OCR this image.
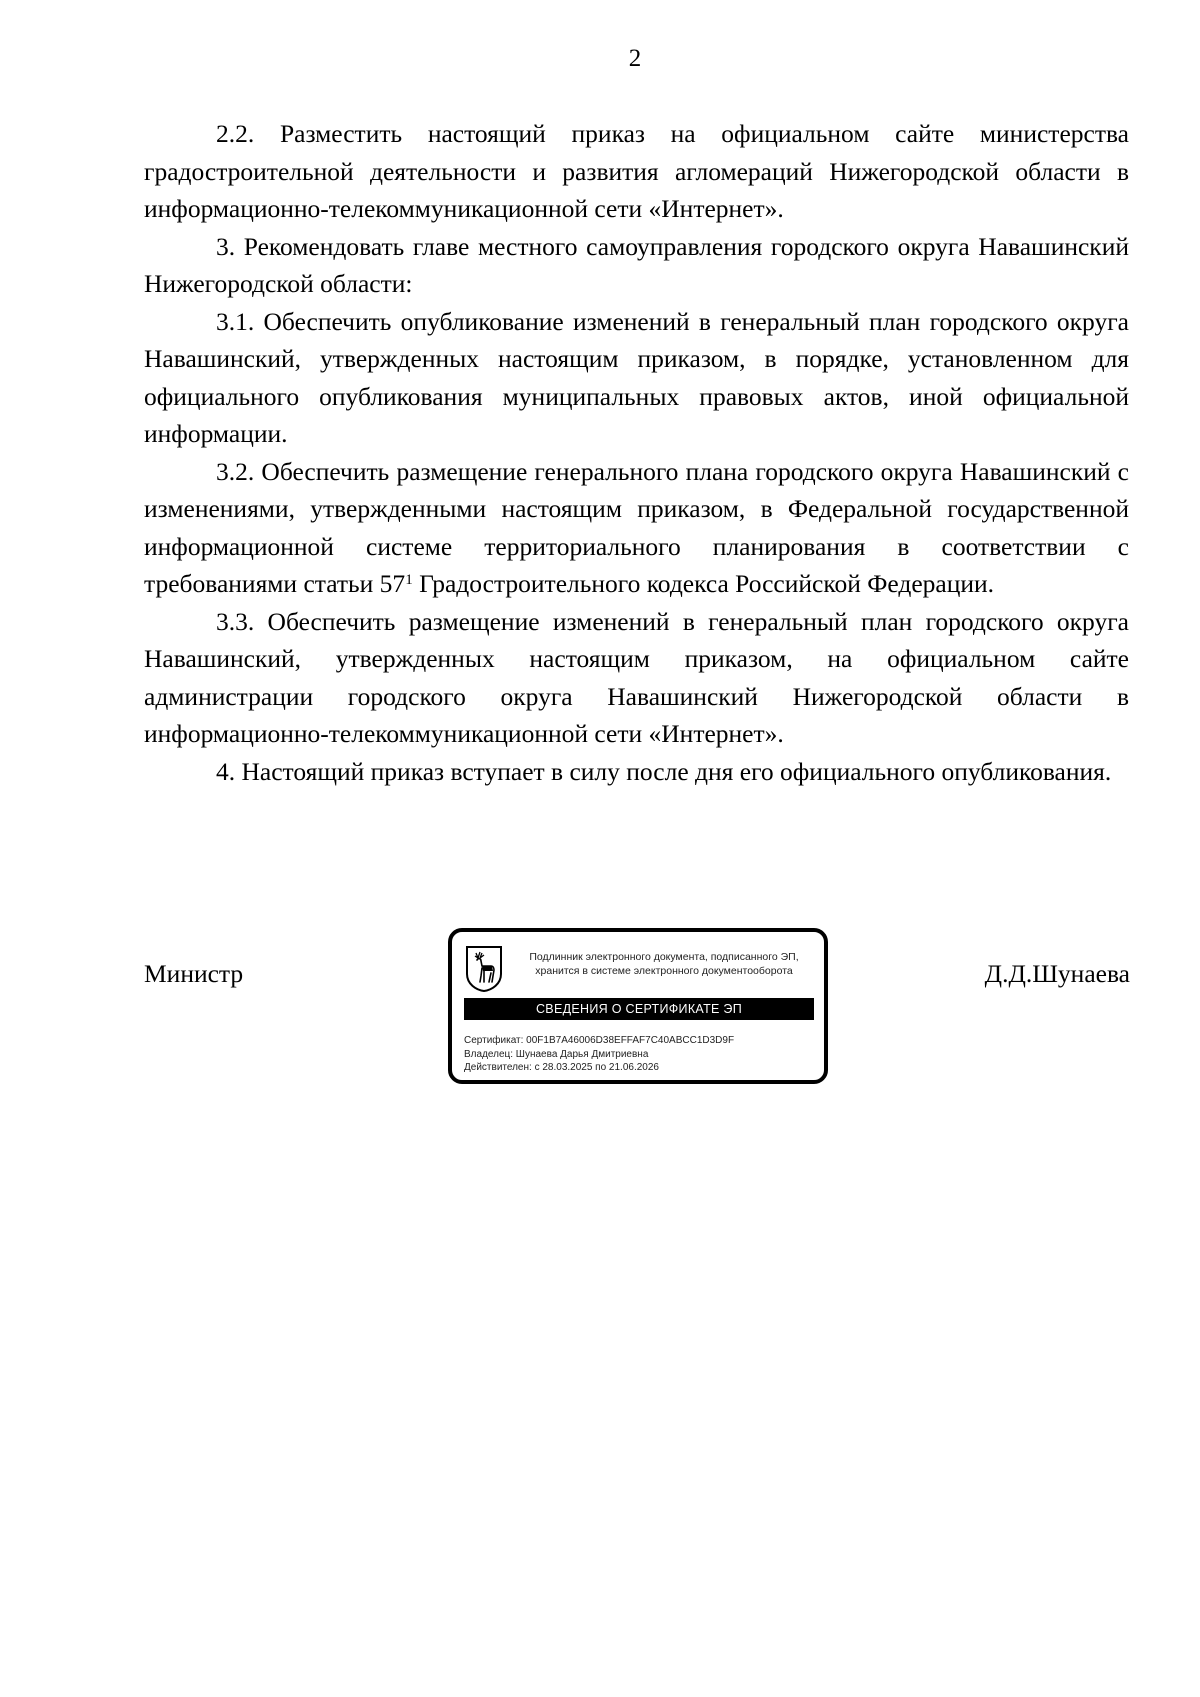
2

2.2. Разместить настоящий приказ на официальном сайте министерства градостроительной деятельности и развития агломераций Нижегородской области в информационно-телекоммуникационной сети «Интернет».

3. Рекомендовать главе местного самоуправления городского округа Навашинский Нижегородской области:

3.1. Обеспечить опубликование изменений в генеральный план городского округа Навашинский, утвержденных настоящим приказом, в порядке, установленном для официального опубликования муниципальных правовых актов, иной официальной информации.

3.2. Обеспечить размещение генерального плана городского округа Навашинский с изменениями, утвержденными настоящим приказом, в Федеральной государственной информационной системе территориального планирования в соответствии с требованиями статьи $57^1$ Градостроительного кодекса Российской Федерации.

3.3. Обеспечить размещение изменений в генеральный план городского округа Навашинский, утвержденных настоящим приказом, на официальном сайте администрации городского округа Навашинский Нижегородской области в информационно-телекоммуникационной сети «Интернет».

4. Настоящий приказ вступает в силу после дня его официального опубликования.

Министр
Подлинник электронного документа, подписанного ЭП,
хранится в системе электронного документооборота
СВЕДЕНИЯ О СЕРТИФИКАТЕ ЭП
Сертификат: 00F1B7A46006D38EFFAF7C40ABCC1D3D9F
Владелец: Шунаева Дарья Дмитриевна
Действителен: с 28.03.2025 по 21.06.2026
Д.Д.Шунаева
